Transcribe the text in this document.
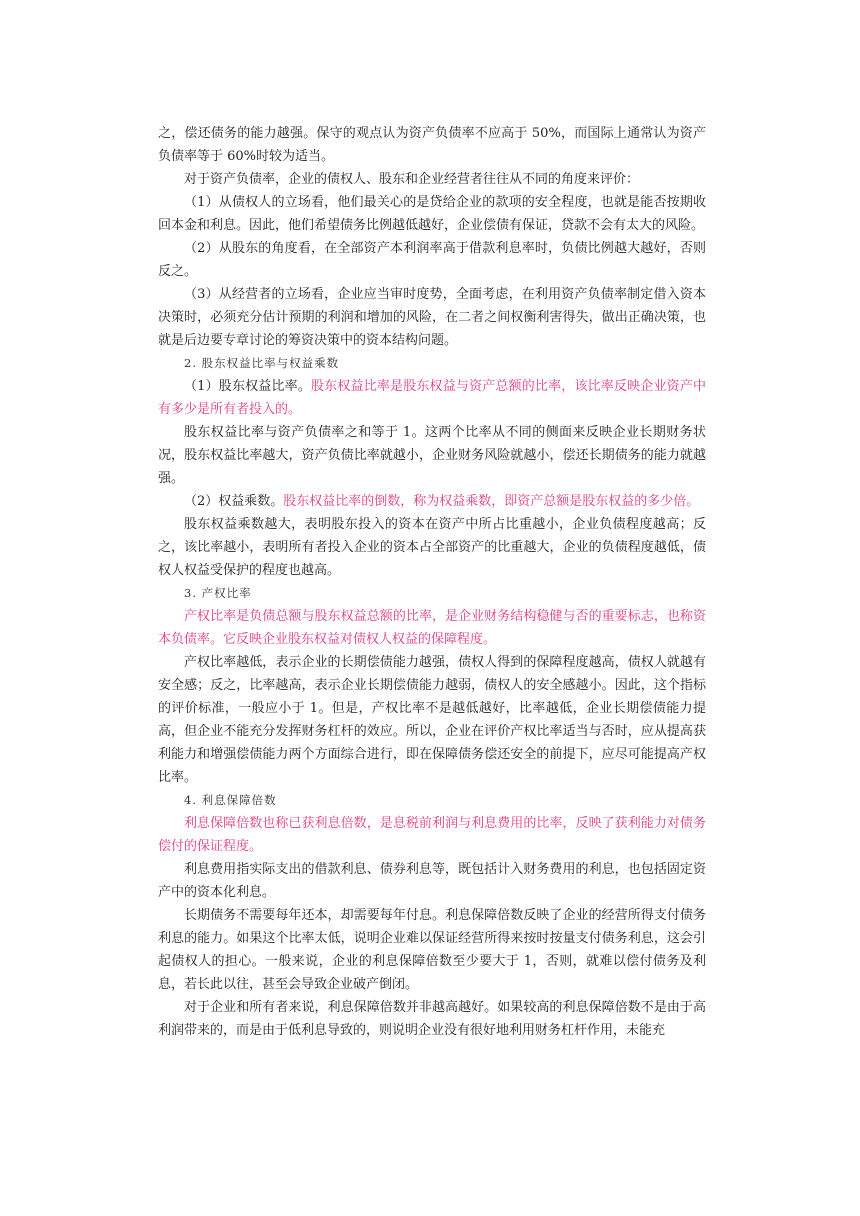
之，偿还债务的能力越强。保守的观点认为资产负债率不应高于 50%，而国际上通常认为资产负债率等于 60%时较为适当。

对于资产负债率，企业的债权人、股东和企业经营者往往从不同的角度来评价：

（1）从债权人的立场看，他们最关心的是贷给企业的款项的安全程度，也就是能否按期收回本金和利息。因此，他们希望债务比例越低越好，企业偿债有保证，贷款不会有太大的风险。

（2）从股东的角度看，在全部资产本利润率高于借款利息率时，负债比例越大越好，否则反之。

（3）从经营者的立场看，企业应当审时度势，全面考虑，在利用资产负债率制定借入资本决策时，必须充分估计预期的利润和增加的风险，在二者之间权衡利害得失，做出正确决策，也就是后边要专章讨论的筹资决策中的资本结构问题。

2. 股东权益比率与权益乘数

（1）股东权益比率。股东权益比率是股东权益与资产总额的比率，该比率反映企业资产中有多少是所有者投入的。

股东权益比率与资产负债率之和等于 1。这两个比率从不同的侧面来反映企业长期财务状况，股东权益比率越大，资产负债比率就越小，企业财务风险就越小，偿还长期债务的能力就越强。

（2）权益乘数。股东权益比率的倒数，称为权益乘数，即资产总额是股东权益的多少倍。

股东权益乘数越大，表明股东投入的资本在资产中所占比重越小，企业负债程度越高；反之，该比率越小，表明所有者投入企业的资本占全部资产的比重越大，企业的负债程度越低，债权人权益受保护的程度也越高。

3. 产权比率

产权比率是负债总额与股东权益总额的比率，是企业财务结构稳健与否的重要标志，也称资本负债率。它反映企业股东权益对债权人权益的保障程度。

产权比率越低，表示企业的长期偿债能力越强，债权人得到的保障程度越高，债权人就越有安全感；反之，比率越高，表示企业长期偿债能力越弱，债权人的安全感越小。因此，这个指标的评价标准，一般应小于 1。但是，产权比率不是越低越好，比率越低，企业长期偿债能力提高，但企业不能充分发挥财务杠杆的效应。所以，企业在评价产权比率适当与否时，应从提高获利能力和增强偿债能力两个方面综合进行，即在保障债务偿还安全的前提下，应尽可能提高产权比率。

4. 利息保障倍数

利息保障倍数也称已获利息倍数，是息税前利润与利息费用的比率，反映了获利能力对债务偿付的保证程度。

利息费用指实际支出的借款利息、债券利息等，既包括计入财务费用的利息，也包括固定资产中的资本化利息。

长期债务不需要每年还本，却需要每年付息。利息保障倍数反映了企业的经营所得支付债务利息的能力。如果这个比率太低，说明企业难以保证经营所得来按时按量支付债务利息，这会引起债权人的担心。一般来说，企业的利息保障倍数至少要大于 1，否则，就难以偿付债务及利息，若长此以往，甚至会导致企业破产倒闭。

对于企业和所有者来说，利息保障倍数并非越高越好。如果较高的利息保障倍数不是由于高利润带来的，而是由于低利息导致的，则说明企业没有很好地利用财务杠杆作用，未能充
